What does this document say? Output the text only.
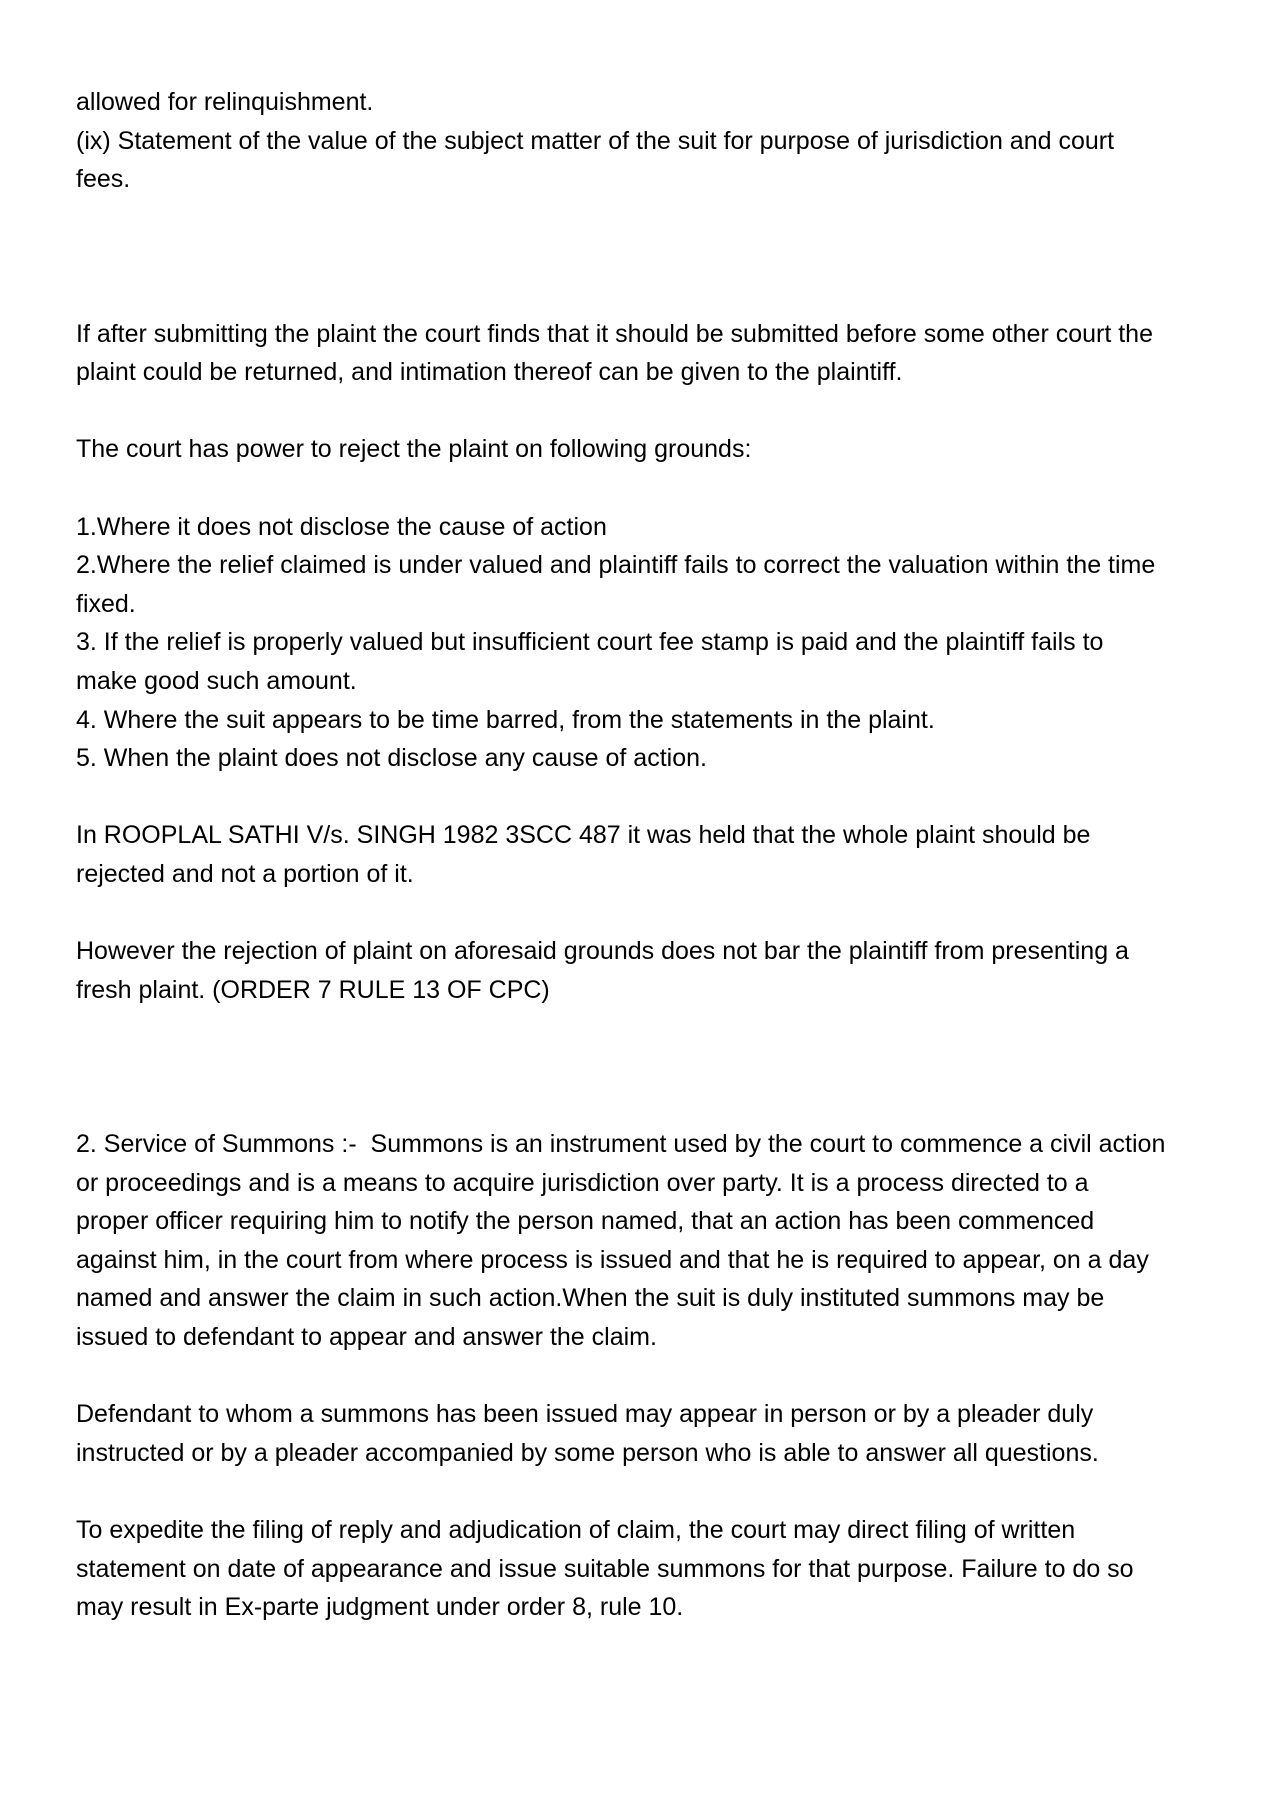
allowed for relinquishment.
(ix) Statement of the value of the subject matter of the suit for purpose of jurisdiction and court
fees.
If after submitting the plaint the court finds that it should be submitted before some other court the
plaint could be returned, and intimation thereof can be given to the plaintiff.
The court has power to reject the plaint on following grounds:
1.Where it does not disclose the cause of action
2.Where the relief claimed is under valued and plaintiff fails to correct the valuation within the time
fixed.
3. If the relief is properly valued but insufficient court fee stamp is paid and the plaintiff fails to
make good such amount.
4. Where the suit appears to be time barred, from the statements in the plaint.
5. When the plaint does not disclose any cause of action.
In ROOPLAL SATHI V/s. SINGH 1982 3SCC 487 it was held that the whole plaint should be
rejected and not a portion of it.
However the rejection of plaint on aforesaid grounds does not bar the plaintiff from presenting a
fresh plaint. (ORDER 7 RULE 13 OF CPC)
2. Service of Summons :-  Summons is an instrument used by the court to commence a civil action
or proceedings and is a means to acquire jurisdiction over party. It is a process directed to a
proper officer requiring him to notify the person named, that an action has been commenced
against him, in the court from where process is issued and that he is required to appear, on a day
named and answer the claim in such action.When the suit is duly instituted summons may be
issued to defendant to appear and answer the claim.
Defendant to whom a summons has been issued may appear in person or by a pleader duly
instructed or by a pleader accompanied by some person who is able to answer all questions.
To expedite the filing of reply and adjudication of claim, the court may direct filing of written
statement on date of appearance and issue suitable summons for that purpose. Failure to do so
may result in Ex-parte judgment under order 8, rule 10.
